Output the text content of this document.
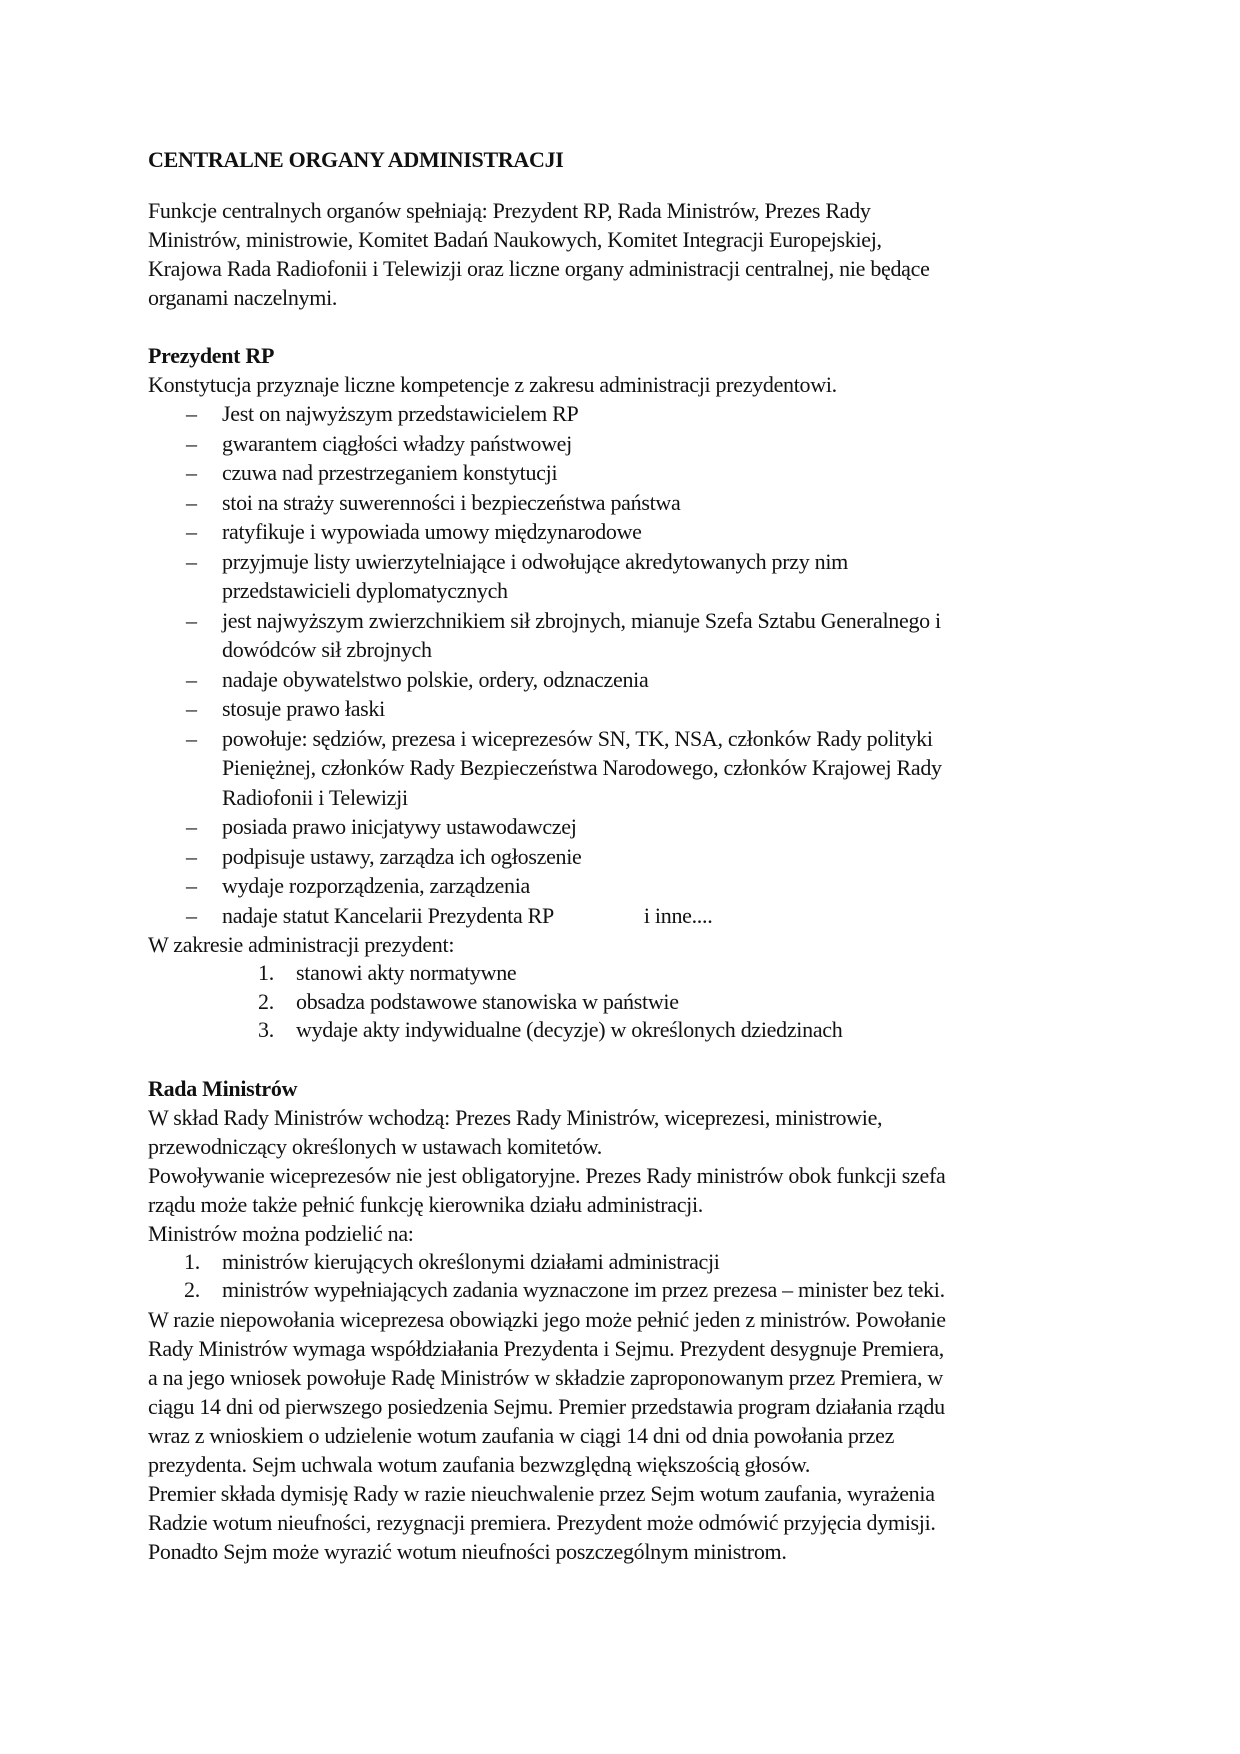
CENTRALNE ORGANY ADMINISTRACJI

Funkcje centralnych organów spełniają: Prezydent RP, Rada Ministrów, Prezes Rady

Ministrów, ministrowie, Komitet Badań Naukowych, Komitet Integracji Europejskiej,

Krajowa Rada Radiofonii i Telewizji oraz liczne organy administracji centralnej, nie będące

organami naczelnymi.

Prezydent RP

Konstytucja przyznaje liczne kompetencje z zakresu administracji prezydentowi.

– Jest on najwyższym przedstawicielem RP
– gwarantem ciągłości władzy państwowej
– czuwa nad przestrzeganiem konstytucji
– stoi na straży suwerenności i bezpieczeństwa państwa
– ratyfikuje i wypowiada umowy międzynarodowe
– przyjmuje listy uwierzytelniające i odwołujące akredytowanych przy nim
przedstawicieli dyplomatycznych
– jest najwyższym zwierzchnikiem sił zbrojnych, mianuje Szefa Sztabu Generalnego i
dowódców sił zbrojnych
– nadaje obywatelstwo polskie, ordery, odznaczenia
– stosuje prawo łaski
– powołuje: sędziów, prezesa i wiceprezesów SN, TK, NSA, członków Rady polityki
Pieniężnej, członków Rady Bezpieczeństwa Narodowego, członków Krajowej Rady
Radiofonii i Telewizji
– posiada prawo inicjatywy ustawodawczej
– podpisuje ustawy, zarządza ich ogłoszenie
– wydaje rozporządzenia, zarządzenia
– nadaje statut Kancelarii Prezydenta RP	i inne....

W zakresie administracji prezydent:

1. stanowi akty normatywne
2. obsadza podstawowe stanowiska w państwie
3. wydaje akty indywidualne (decyzje) w określonych dziedzinach
Rada Ministrów

W skład Rady Ministrów wchodzą: Prezes Rady Ministrów, wiceprezesi, ministrowie,

przewodniczący określonych w ustawach komitetów.

Powoływanie wiceprezesów nie jest obligatoryjne. Prezes Rady ministrów obok funkcji szefa

rządu może także pełnić funkcję kierownika działu administracji.

Ministrów można podzielić na:

1. ministrów kierujących określonymi działami administracji
2. ministrów wypełniających zadania wyznaczone im przez prezesa – minister bez teki.

W razie niepowołania wiceprezesa obowiązki jego może pełnić jeden z ministrów. Powołanie

Rady Ministrów wymaga współdziałania Prezydenta i Sejmu. Prezydent desygnuje Premiera,

a na jego wniosek powołuje Radę Ministrów w składzie zaproponowanym przez Premiera, w

ciągu 14 dni od pierwszego posiedzenia Sejmu. Premier przedstawia program działania rządu

wraz z wnioskiem o udzielenie wotum zaufania w ciągi 14 dni od dnia powołania przez

prezydenta. Sejm uchwala wotum zaufania bezwzględną większością głosów.

Premier składa dymisję Rady w razie nieuchwalenie przez Sejm wotum zaufania, wyrażenia

Radzie wotum nieufności, rezygnacji premiera. Prezydent może odmówić przyjęcia dymisji.

Ponadto Sejm może wyrazić wotum nieufności poszczególnym ministrom.
